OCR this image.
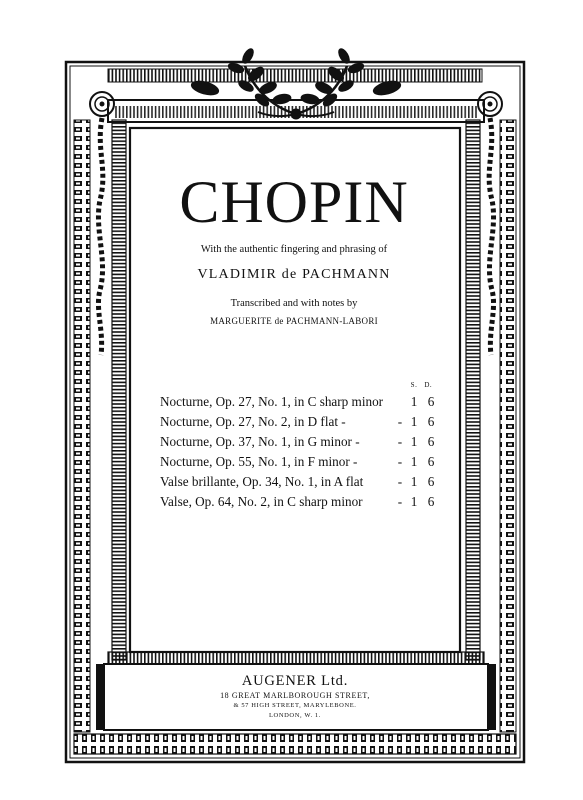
CHOPIN
With the authentic fingering and phrasing of
VLADIMIR de PACHMANN
Transcribed and with notes by
MARGUERITE de PACHMANN-LABORI
S. D.
Nocturne, Op. 27, No. 1, in C sharp minor 1 6
Nocturne, Op. 27, No. 2, in D flat -	- 1 6
Nocturne, Op. 37, No. 1, in G minor -	- 1 6
Nocturne, Op. 55, No. 1, in F minor -	- 1 6
Valse brillante, Op. 34, No. 1, in A flat	- 1 6
Valse, Op. 64, No. 2, in C sharp minor	- 1 6
AUGENER Ltd.
18 GREAT MARLBOROUGH STREET,
& 57 HIGH STREET, MARYLEBONE.
LONDON, W. 1.
